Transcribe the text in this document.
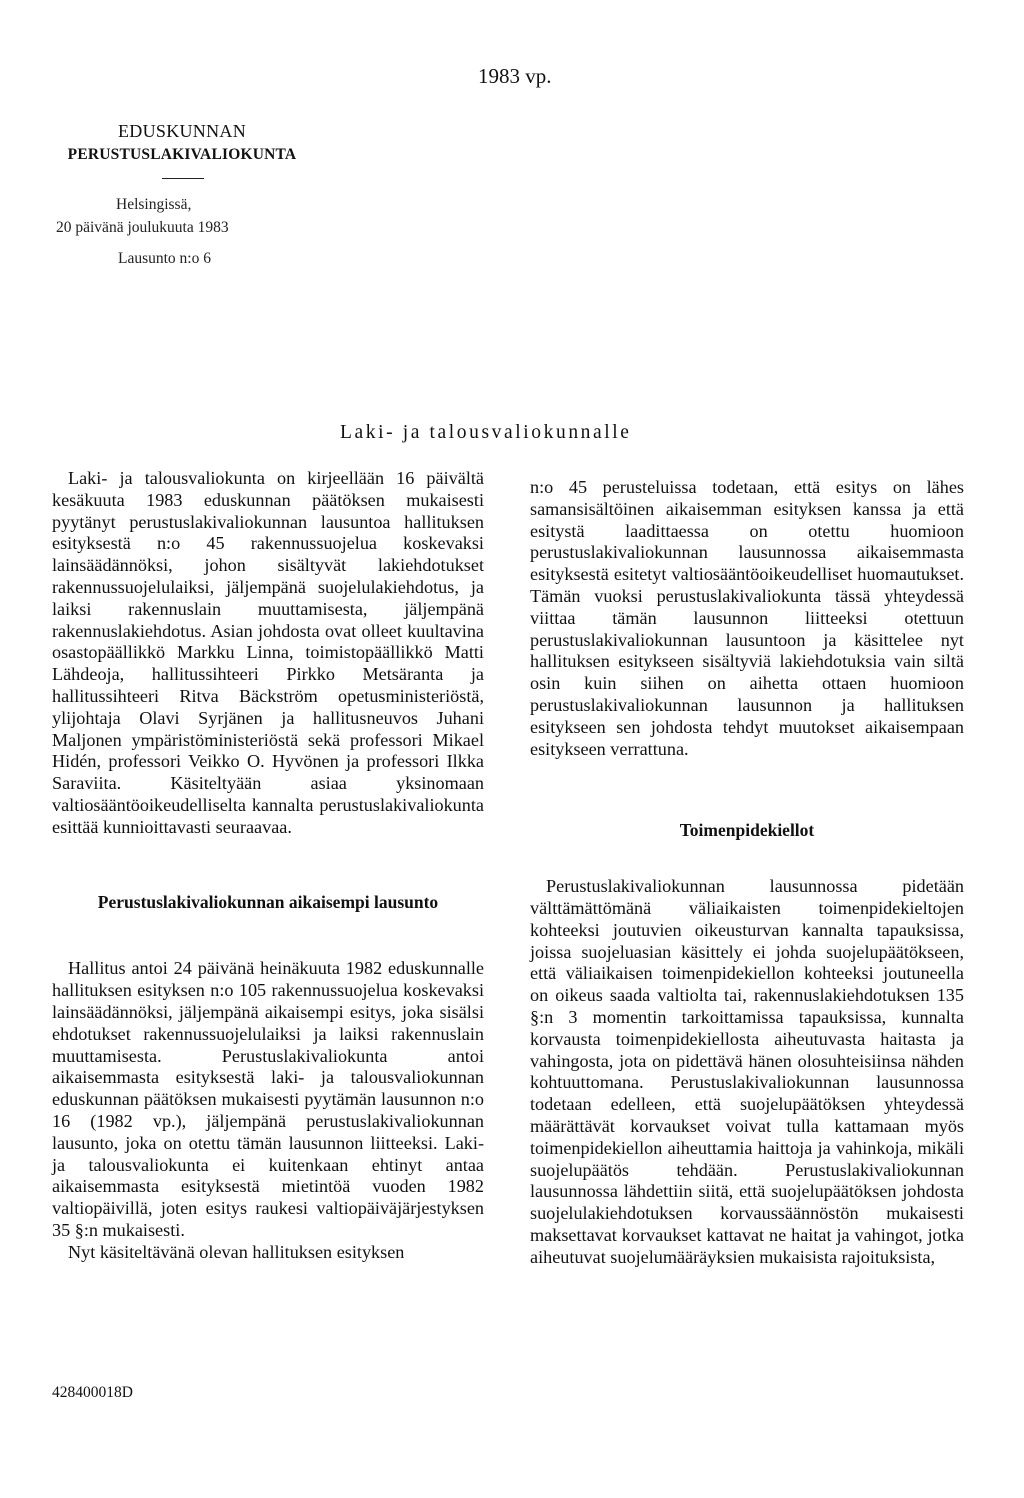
1983 vp.
EDUSKUNNAN
PERUSTUSLAKIVALIOKUNTA
Helsingissä,
20 päivänä joulukuuta 1983
Lausunto n:o 6
Laki- ja talousvaliokunnalle

Laki- ja talousvaliokunta on kirjeellään 16 päivältä kesäkuuta 1983 eduskunnan päätöksen mukaisesti pyytänyt perustuslakivaliokunnan lausuntoa hallituksen esityksestä n:o 45 rakennussuojelua koskevaksi lainsäädännöksi, johon sisältyvät lakiehdotukset rakennussuojelulaiksi, jäljempänä suojelulakiehdotus, ja laiksi rakennuslain muuttamisesta, jäljempänä rakennuslakiehdotus. Asian johdosta ovat olleet kuultavina osastopäällikkö Markku Linna, toimistopäällikkö Matti Lähdeoja, hallitussihteeri Pirkko Metsäranta ja hallitussihteeri Ritva Bäckström opetusministeriöstä, ylijohtaja Olavi Syrjänen ja hallitusneuvos Juhani Maljonen ympäristöministeriöstä sekä professori Mikael Hidén, professori Veikko O. Hyvönen ja professori Ilkka Saraviita. Käsiteltyään asiaa yksinomaan valtiosääntöoikeudelliselta kannalta perustuslakivaliokunta esittää kunnioittavasti seuraavaa.

Perustuslakivaliokunnan aikaisempi lausunto

Hallitus antoi 24 päivänä heinäkuuta 1982 eduskunnalle hallituksen esityksen n:o 105 rakennussuojelua koskevaksi lainsäädännöksi, jäljempänä aikaisempi esitys, joka sisälsi ehdotukset rakennussuojelulaiksi ja laiksi rakennuslain muuttamisesta. Perustuslakivaliokunta antoi aikaisemmasta esityksestä laki- ja talousvaliokunnan eduskunnan päätöksen mukaisesti pyytämän lausunnon n:o 16 (1982 vp.), jäljempänä perustuslakivaliokunnan lausunto, joka on otettu tämän lausunnon liitteeksi. Laki- ja talousvaliokunta ei kuitenkaan ehtinyt antaa aikaisemmasta esityksestä mietintöä vuoden 1982 valtiopäivillä, joten esitys raukesi valtiopäiväjärjestyksen 35 §:n mukaisesti.

Nyt käsiteltävänä olevan hallituksen esityksen

n:o 45 perusteluissa todetaan, että esitys on lähes samansisältöinen aikaisemman esityksen kanssa ja että esitystä laadittaessa on otettu huomioon perustuslakivaliokunnan lausunnossa aikaisemmasta esityksestä esitetyt valtiosääntöoikeudelliset huomautukset. Tämän vuoksi perustuslakivaliokunta tässä yhteydessä viittaa tämän lausunnon liitteeksi otettuun perustuslakivaliokunnan lausuntoon ja käsittelee nyt hallituksen esitykseen sisältyviä lakiehdotuksia vain siltä osin kuin siihen on aihetta ottaen huomioon perustuslakivaliokunnan lausunnon ja hallituksen esitykseen sen johdosta tehdyt muutokset aikaisempaan esitykseen verrattuna.

Toimenpidekiellot

Perustuslakivaliokunnan lausunnossa pidetään välttämättömänä väliaikaisten toimenpidekieltojen kohteeksi joutuvien oikeusturvan kannalta tapauksissa, joissa suojeluasian käsittely ei johda suojelupäätökseen, että väliaikaisen toimenpidekiellon kohteeksi joutuneella on oikeus saada valtiolta tai, rakennuslakiehdotuksen 135 §:n 3 momentin tarkoittamissa tapauksissa, kunnalta korvausta toimenpidekiellosta aiheutuvasta haitasta ja vahingosta, jota on pidettävä hänen olosuhteisiinsa nähden kohtuuttomana. Perustuslakivaliokunnan lausunnossa todetaan edelleen, että suojelupäätöksen yhteydessä määrättävät korvaukset voivat tulla kattamaan myös toimenpidekiellon aiheuttamia haittoja ja vahinkoja, mikäli suojelupäätös tehdään. Perustuslakivaliokunnan lausunnossa lähdettiin siitä, että suojelupäätöksen johdosta suojelulakiehdotuksen korvaussäännöstön mukaisesti maksettavat korvaukset kattavat ne haitat ja vahingot, jotka aiheutuvat suojelumääräyksien mukaisista rajoituksista,

428400018D
